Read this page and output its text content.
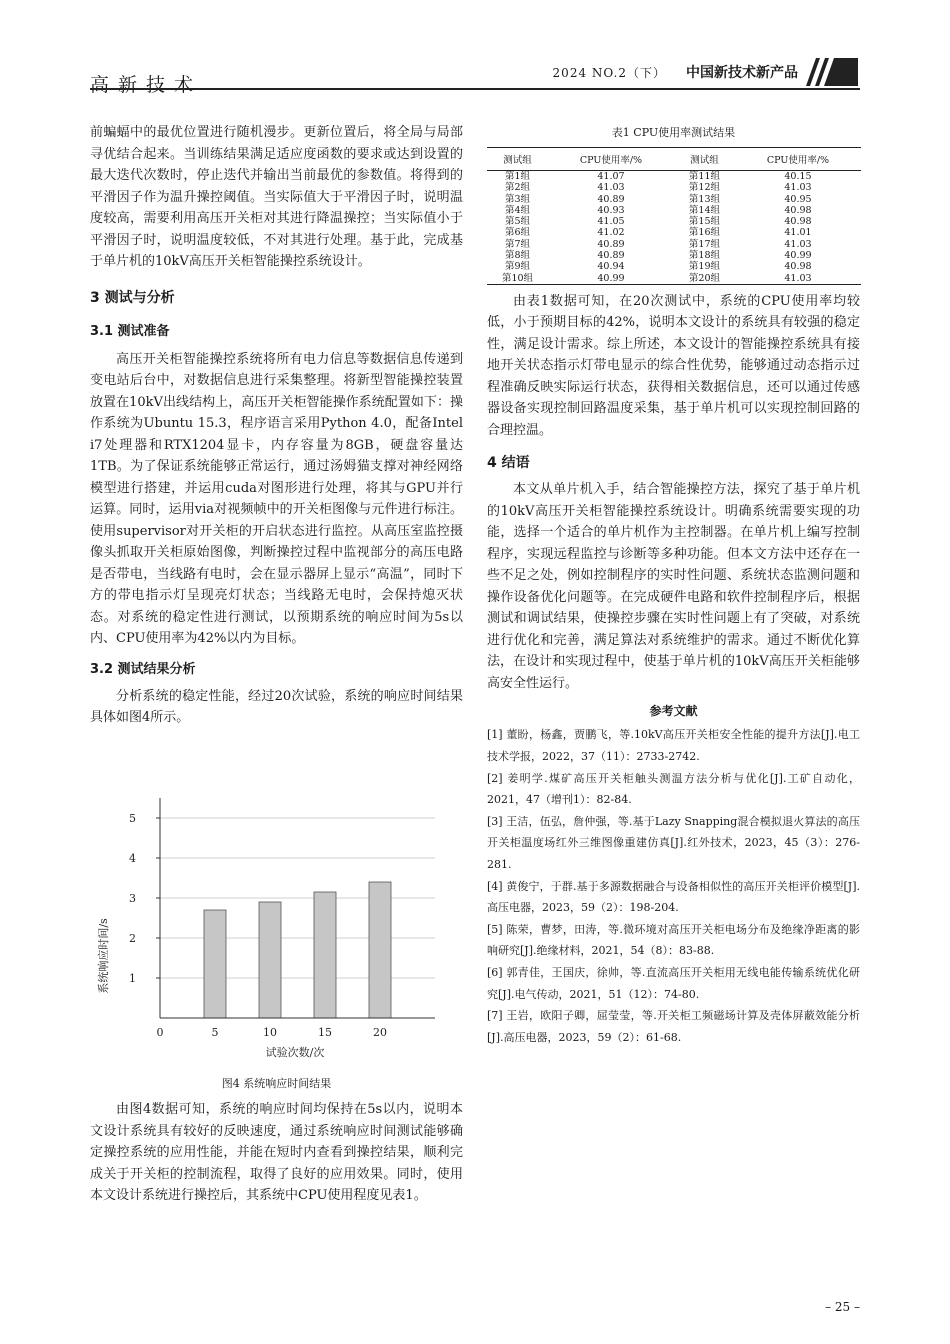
高新技术
2024 NO.2（下） 中国新技术新产品

前蝙蝠中的最优位置进行随机漫步。更新位置后，将全局与局部寻优结合起来。当训练结果满足适应度函数的要求或达到设置的最大迭代次数时，停止迭代并输出当前最优的参数值。将得到的平滑因子作为温升操控阈值。当实际值大于平滑因子时，说明温度较高，需要利用高压开关柜对其进行降温操控；当实际值小于平滑因子时，说明温度较低，不对其进行处理。基于此，完成基于单片机的10kV高压开关柜智能操控系统设计。

3 测试与分析
3.1 测试准备

高压开关柜智能操控系统将所有电力信息等数据信息传递到变电站后台中，对数据信息进行采集整理。将新型智能操控装置放置在10kV出线结构上，高压开关柜智能操作系统配置如下：操作系统为Ubuntu 15.3，程序语言采用Python 4.0，配备Intel i7处理器和RTX1204显卡，内存容量为8GB，硬盘容量达1TB。为了保证系统能够正常运行，通过汤姆猫支撑对神经网络模型进行搭建，并运用cuda对图形进行处理，将其与GPU并行运算。同时，运用via对视频帧中的开关柜图像与元件进行标注。使用supervisor对开关柜的开启状态进行监控。从高压室监控摄像头抓取开关柜原始图像，判断操控过程中监视部分的高压电路是否带电，当线路有电时，会在显示器屏上显示“高温”，同时下方的带电指示灯呈现亮灯状态；当线路无电时，会保持熄灭状态。对系统的稳定性进行测试，以预期系统的响应时间为5s以内、CPU使用率为42%以内为目标。

3.2 测试结果分析

分析系统的稳定性能，经过20次试验，系统的响应时间结果具体如图4所示。

1
2
3
4
5
0	5	10	15	20
试验次数/次
系统响应时间/s
图4 系统响应时间结果

由图4数据可知，系统的响应时间均保持在5s以内，说明本文设计系统具有较好的反映速度，通过系统响应时间测试能够确定操控系统的应用性能，并能在短时内查看到操控结果，顺利完成关于开关柜的控制流程，取得了良好的应用效果。同时，使用本文设计系统进行操控后，其系统中CPU使用程度见表1。

表1 CPU使用率测试结果
测试组	CPU使用率/%	测试组	CPU使用率/%
第1组	41.07	第11组	40.15
第2组	41.03	第12组	41.03
第3组	40.89	第13组	40.95
第4组	40.93	第14组	40.98
第5组	41.05	第15组	40.98
第6组	41.02	第16组	41.01
第7组	40.89	第17组	41.03
第8组	40.89	第18组	40.99
第9组	40.94	第19组	40.98
第10组	40.99	第20组	41.03

由表1数据可知，在20次测试中，系统的CPU使用率均较低，小于预期目标的42%，说明本文设计的系统具有较强的稳定性，满足设计需求。综上所述，本文设计的智能操控系统具有接地开关状态指示灯带电显示的综合性优势，能够通过动态指示过程准确反映实际运行状态，获得相关数据信息，还可以通过传感器设备实现控制回路温度采集，基于单片机可以实现控制回路的合理控温。

4 结语

本文从单片机入手，结合智能操控方法，探究了基于单片机的10kV高压开关柜智能操控系统设计。明确系统需要实现的功能，选择一个适合的单片机作为主控制器。在单片机上编写控制程序，实现远程监控与诊断等多种功能。但本文方法中还存在一些不足之处，例如控制程序的实时性问题、系统状态监测问题和操作设备优化问题等。在完成硬件电路和软件控制程序后，根据测试和调试结果，使操控步骤在实时性问题上有了突破，对系统进行优化和完善，满足算法对系统维护的需求。通过不断优化算法，在设计和实现过程中，使基于单片机的10kV高压开关柜能够高安全性运行。

参考文献
[1] 董盼，杨鑫，贾鹏飞，等.10kV高压开关柜安全性能的提升方法[J].电工技术学报，2022，37（11）：2733-2742.
[2] 姜明学.煤矿高压开关柜触头测温方法分析与优化[J].工矿自动化，2021，47（增刊1）：82-84.
[3] 王洁，伍弘，詹仲强，等.基于Lazy Snapping混合模拟退火算法的高压开关柜温度场红外三维图像重建仿真[J].红外技术，2023，45（3）：276-281.
[4] 黄俊宁，于群.基于多源数据融合与设备相似性的高压开关柜评价模型[J].高压电器，2023，59（2）：198-204.
[5] 陈荣，曹梦，田涛，等.微环境对高压开关柜电场分布及绝缘净距离的影响研究[J].绝缘材料，2021，54（8）：83-88.
[6] 郭青佳，王国庆，徐帅，等.直流高压开关柜用无线电能传输系统优化研究[J].电气传动，2021，51（12）：74-80.
[7] 王岩，欧阳子卿，屈莹莹，等.开关柜工频磁场计算及壳体屏蔽效能分析[J].高压电器，2023，59（2）：61-68.
– 25 –
